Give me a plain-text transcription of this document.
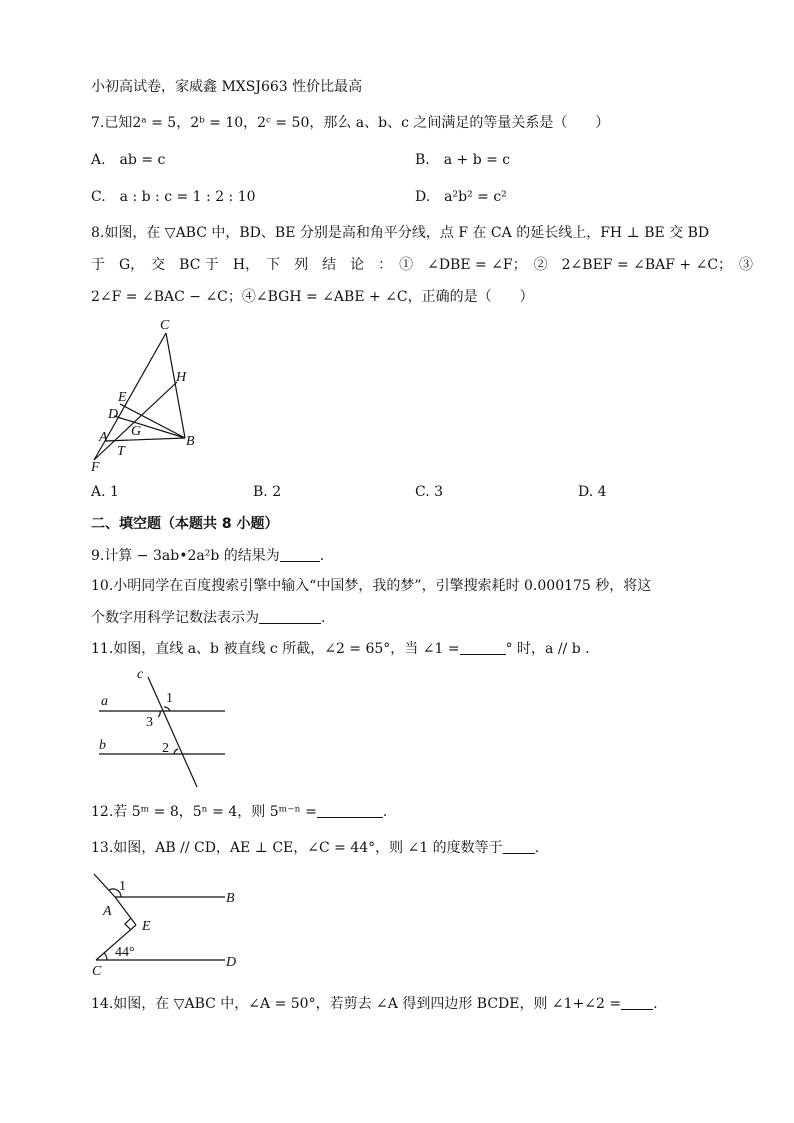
小初高试卷，家威鑫 MXSJ663 性价比最高
7.已知2ᵃ = 5，2ᵇ = 10，2ᶜ = 50，那么 a、b、c 之间满足的等量关系是（　　）
A.　ab = c	B.　a + b = c
C.　a : b : c = 1 : 2 : 10	D.　a²b² = c²
8.如图，在 ▽ABC 中，BD、BE 分别是高和角平分线，点 F 在 CA 的延长线上，FH ⊥ BE 交 BD
于　G，　交　BC 于　H，　下　列　结　论　：　①　∠DBE = ∠F；　②　2∠BEF = ∠BAF + ∠C；　③
2∠F = ∠BAC − ∠C；④∠BGH = ∠ABE + ∠C，正确的是（　　）
C
H
E
D
G
A	B
T
F
A. 1	B. 2	C. 3	D. 4
二、填空题（本题共 8 小题）
9.计算 − 3ab•2a²b 的结果为	.
10.小明同学在百度搜索引擎中输入“中国梦，我的梦”，引擎搜索耗时 0.000175 秒，将这
个数字用科学记数法表示为	.
11.如图，直线 a、b 被直线 c 所截，∠2 = 65°，当 ∠1 =	° 时，a // b .
c
1
a
3
b	2
12.若 5ᵐ = 8，5ⁿ = 4，则 5ᵐ⁻ⁿ =	.
13.如图，AB // CD，AE ⊥ CE，∠C = 44°，则 ∠1 的度数等于 .
1
A
B
E
44°
C
D
14.如图，在 ▽ABC 中，∠A = 50°，若剪去 ∠A 得到四边形 BCDE，则 ∠1+∠2 = .
